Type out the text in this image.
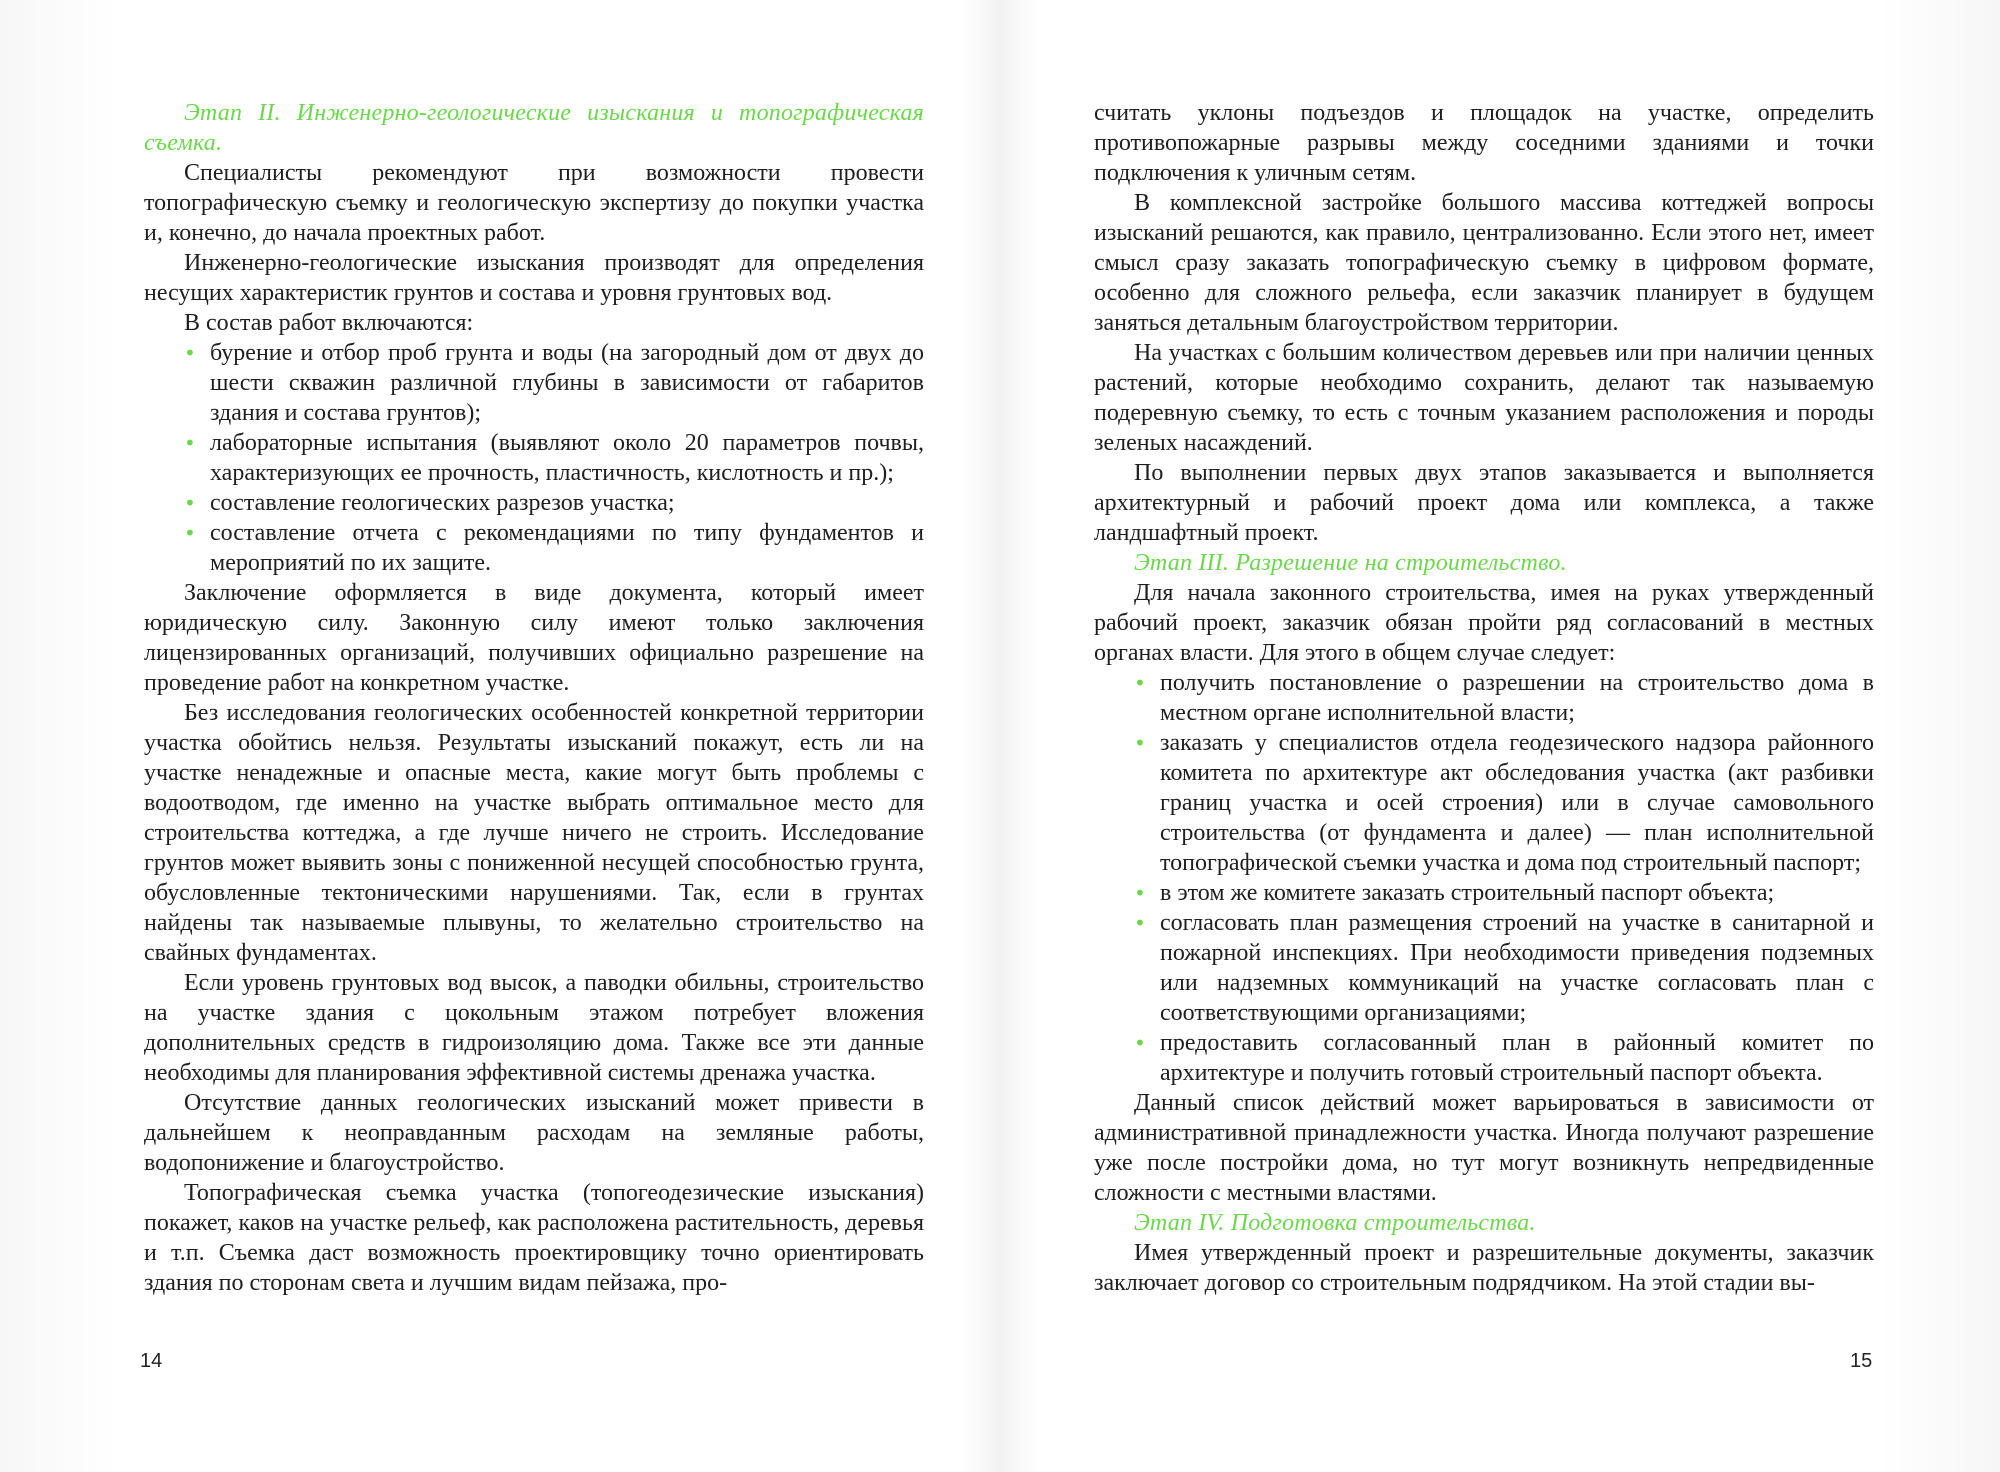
Этап II. Инженерно-геологические изыскания и топографическая съемка.

Специалисты рекомендуют при возможности провести топографическую съемку и геологическую экспертизу до покупки участка и, конечно, до начала проектных работ.

Инженерно-геологические изыскания производят для определения несущих характеристик грунтов и состава и уровня грунтовых вод.

В состав работ включаются:

• бурение и отбор проб грунта и воды (на загородный дом от двух до шести скважин различной глубины в зависимости от габаритов здания и состава грунтов);
• лабораторные испытания (выявляют около 20 параметров почвы, характеризующих ее прочность, пластичность, кислотность и пр.);
• составление геологических разрезов участка;
• составление отчета с рекомендациями по типу фундаментов и мероприятий по их защите.

Заключение оформляется в виде документа, который имеет юридическую силу. Законную силу имеют только заключения лицензированных организаций, получивших официально разрешение на проведение работ на конкретном участке.

Без исследования геологических особенностей конкретной территории участка обойтись нельзя. Результаты изысканий покажут, есть ли на участке ненадежные и опасные места, какие могут быть проблемы с водоотводом, где именно на участке выбрать оптимальное место для строительства коттеджа, а где лучше ничего не строить. Исследование грунтов может выявить зоны с пониженной несущей способностью грунта, обусловленные тектоническими нарушениями. Так, если в грунтах найдены так называемые плывуны, то желательно строительство на свайных фундаментах.

Если уровень грунтовых вод высок, а паводки обильны, строительство на участке здания с цокольным этажом потребует вложения дополнительных средств в гидроизоляцию дома. Также все эти данные необходимы для планирования эффективной системы дренажа участка.

Отсутствие данных геологических изысканий может привести в дальнейшем к неоправданным расходам на земляные работы, водопонижение и благоустройство.

Топографическая съемка участка (топогеодезические изыскания) покажет, каков на участке рельеф, как расположена растительность, деревья и т.п. Съемка даст возможность проектировщику точно ориентировать здания по сторонам света и лучшим видам пейзажа, про-

считать уклоны подъездов и площадок на участке, определить противопожарные разрывы между соседними зданиями и точки подключения к уличным сетям.

В комплексной застройке большого массива коттеджей вопросы изысканий решаются, как правило, централизованно. Если этого нет, имеет смысл сразу заказать топографическую съемку в цифровом формате, особенно для сложного рельефа, если заказчик планирует в будущем заняться детальным благоустройством территории.

На участках с большим количеством деревьев или при наличии ценных растений, которые необходимо сохранить, делают так называемую подеревную съемку, то есть с точным указанием расположения и породы зеленых насаждений.

По выполнении первых двух этапов заказывается и выполняется архитектурный и рабочий проект дома или комплекса, а также ландшафтный проект.

Этап III. Разрешение на строительство.

Для начала законного строительства, имея на руках утвержденный рабочий проект, заказчик обязан пройти ряд согласований в местных органах власти. Для этого в общем случае следует:

• получить постановление о разрешении на строительство дома в местном органе исполнительной власти;
• заказать у специалистов отдела геодезического надзора районного комитета по архитектуре акт обследования участка (акт разбивки границ участка и осей строения) или в случае самовольного строительства (от фундамента и далее) — план исполнительной топографической съемки участка и дома под строительный паспорт;
• в этом же комитете заказать строительный паспорт объекта;
• согласовать план размещения строений на участке в санитарной и пожарной инспекциях. При необходимости приведения подземных или надземных коммуникаций на участке согласовать план с соответствующими организациями;
• предоставить согласованный план в районный комитет по архитектуре и получить готовый строительный паспорт объекта.

Данный список действий может варьироваться в зависимости от административной принадлежности участка. Иногда получают разрешение уже после постройки дома, но тут могут возникнуть непредвиденные сложности с местными властями.

Этап IV. Подготовка строительства.

Имея утвержденный проект и разрешительные документы, заказчик заключает договор со строительным подрядчиком. На этой стадии вы-

14	15
